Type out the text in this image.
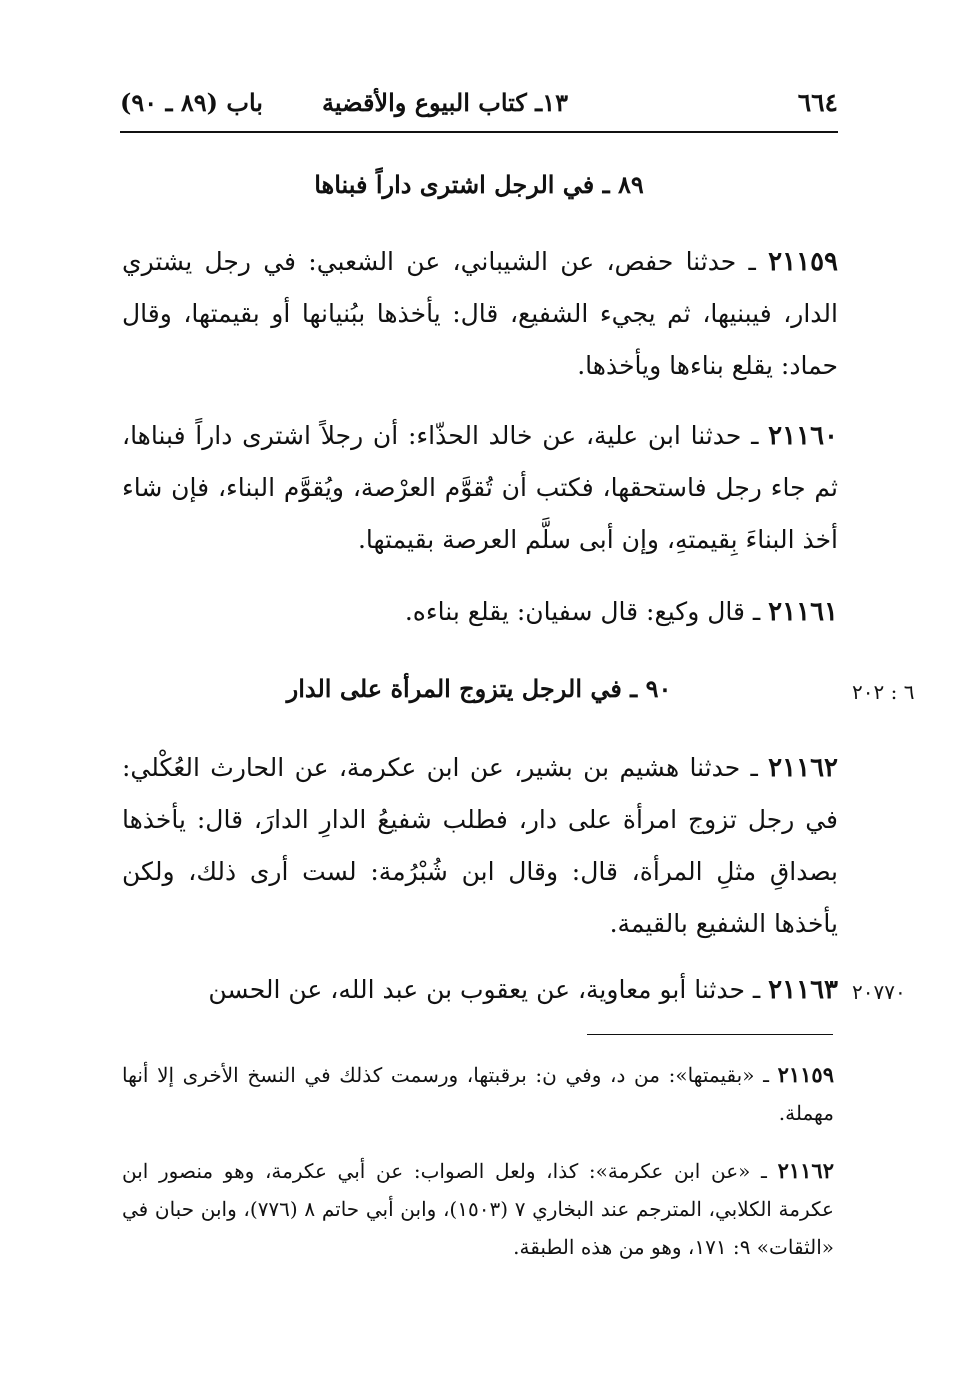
٦٦٤
١٣ـ كتاب البيوع والأقضية
باب (٨٩ ـ ٩٠)
٨٩ ـ في الرجل اشترى داراً فبناها
٢١١٥٩ ـ حدثنا حفص، عن الشيباني، عن الشعبي: في رجل يشتري الدار، فيبنيها، ثم يجيء الشفيع، قال: يأخذها ببُنيانها أو بقيمتها، وقال حماد: يقلع بناءها ويأخذها.
٢١١٦٠ ـ حدثنا ابن علية، عن خالد الحذّاء: أن رجلاً اشترى داراً فبناها، ثم جاء رجل فاستحقها، فكتب أن تُقوَّم العرْصة، ويُقوَّم البناء، فإن شاء أخذ البناءَ بِقيمتهِ، وإن أبى سلَّم العرصة بقيمتها.
٢١١٦١ ـ قال وكيع: قال سفيان: يقلع بناءه.
٩٠ ـ في الرجل يتزوج المرأة على الدار	٦ : ٢٠٢
٢١١٦٢ ـ حدثنا هشيم بن بشير، عن ابن عكرمة، عن الحارث العُكْلي: في رجل تزوج امرأة على دار، فطلب شفيعُ الدارِ الدارَ، قال: يأخذها بصداقِ مثلِ المرأة، قال: وقال ابن شُبْرُمة: لست أرى ذلك، ولكن يأخذها الشفيع بالقيمة.
٢١١٦٣ ـ حدثنا أبو معاوية، عن يعقوب بن عبد الله، عن الحسن	٢٠٧٧٠
٢١١٥٩ ـ «بقيمتها»: من د، وفي ن: برقبتها، ورسمت كذلك في النسخ الأخرى إلا أنها مهملة.
٢١١٦٢ ـ «عن ابن عكرمة»: كذا، ولعل الصواب: عن أبي عكرمة، وهو منصور ابن عكرمة الكلابي، المترجم عند البخاري ٧ (١٥٠٣)، وابن أبي حاتم ٨ (٧٧٦)، وابن حبان في «الثقات» ٩: ١٧١، وهو من هذه الطبقة.
